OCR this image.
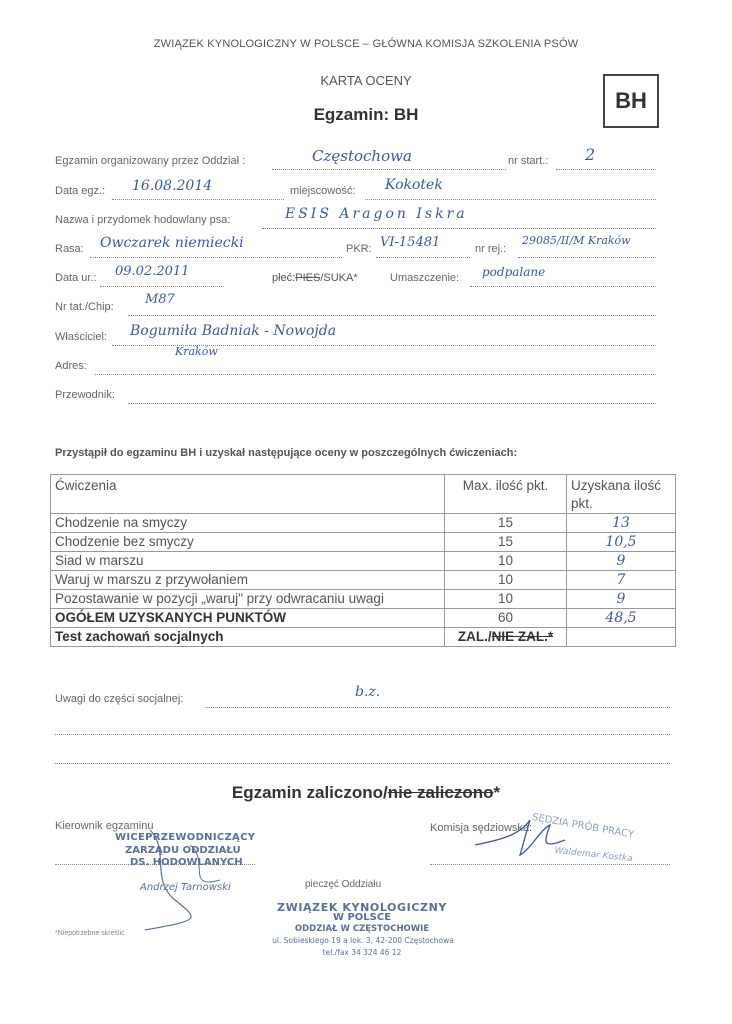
ZWIĄZEK KYNOLOGICZNY W POLSCE – GŁÓWNA KOMISJA SZKOLENIA PSÓW
KARTA OCENY
Egzamin: BH
BH
Egzamin organizowany przez Oddział :	Częstochowa	nr start.: 2
Data egz.: 16.08.2014	miejscowość: Kokotek
Nazwa i przydomek hodowlany psa:	ESIS Aragon Iskra
Rasa: Owczarek niemiecki	PKR: VI-15481	nr rej.:
29085/II/M Kraków
Data ur.: 09.02.2011	płeć:PIES/SUKA*	Umaszczenie: podpalane
Nr tat./Chip: M87
Właściciel: Bogumiła Badniak - Nowojda
Adres:
Kraków
Przewodnik:
Przystąpił do egzaminu BH i uzyskał następujące oceny w poszczególnych ćwiczeniach:
Ćwiczenia	Max. ilość pkt.	Uzyskana ilość pkt.
Chodzenie na smyczy	15	13

Chodzenie bez smyczy	15	10,5

Siad w marszu	10	9

Waruj w marszu z przywołaniem	10	7

Pozostawanie w pozycji „waruj" przy odwracaniu uwagi	10	9

OGÓŁEM UZYSKANYCH PUNKTÓW	60	48,5

Test zachowań socjalnych	ZAL./NIE ZAL.*	
Uwagi do części socjalnej:	b.z.
Egzamin zaliczono/nie zaliczono*
Kierownik egzaminu
WICEPRZEWODNICZĄCY
ZARZĄDU ODDZIAŁU
DS. HODOWLANYCH
Andrzej Tarnowski
*Niepotrzebne skreślić
Komisja sędziowska:
SĘDZIA PRÓB PRACY
Waldemar Kostka
pieczęć Oddziału
ZWIĄZEK KYNOLOGICZNY
W POLSCE
ODDZIAŁ W CZĘSTOCHOWIE
ul. Sobieskiego 19 a lok. 3, 42-200 Częstochowa
tel./fax 34 324 46 12
